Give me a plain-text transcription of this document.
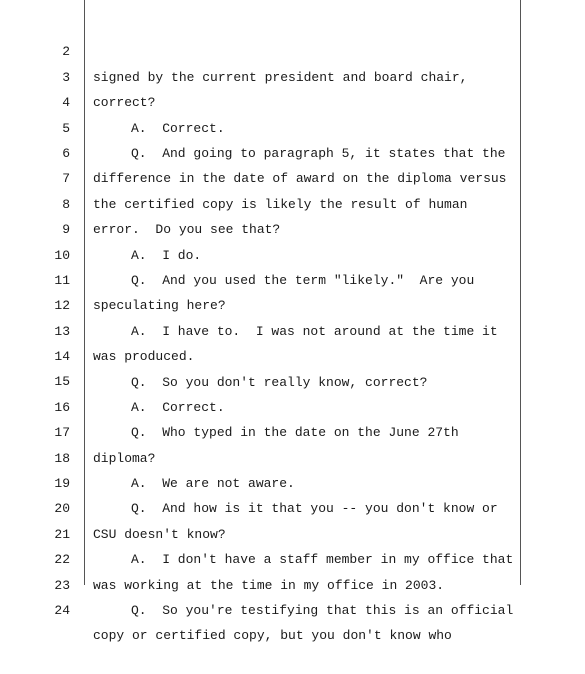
2

signed by the current president and board chair,

3

correct?

4

A.  Correct.

5

Q.  And going to paragraph 5, it states that the

6

difference in the date of award on the diploma versus

7

the certified copy is likely the result of human

8

error.  Do you see that?

9

A.  I do.

10

Q.  And you used the term "likely."  Are you

11

speculating here?

12

A.  I have to.  I was not around at the time it

13

was produced.

14

Q.  So you don't really know, correct?

15

A.  Correct.

16

Q.  Who typed in the date on the June 27th

17

diploma?

18

A.  We are not aware.

19

Q.  And how is it that you -- you don't know or

20

CSU doesn't know?

21

A.  I don't have a staff member in my office that

22

was working at the time in my office in 2003.

23

Q.  So you're testifying that this is an official

24

copy or certified copy, but you don't know who
